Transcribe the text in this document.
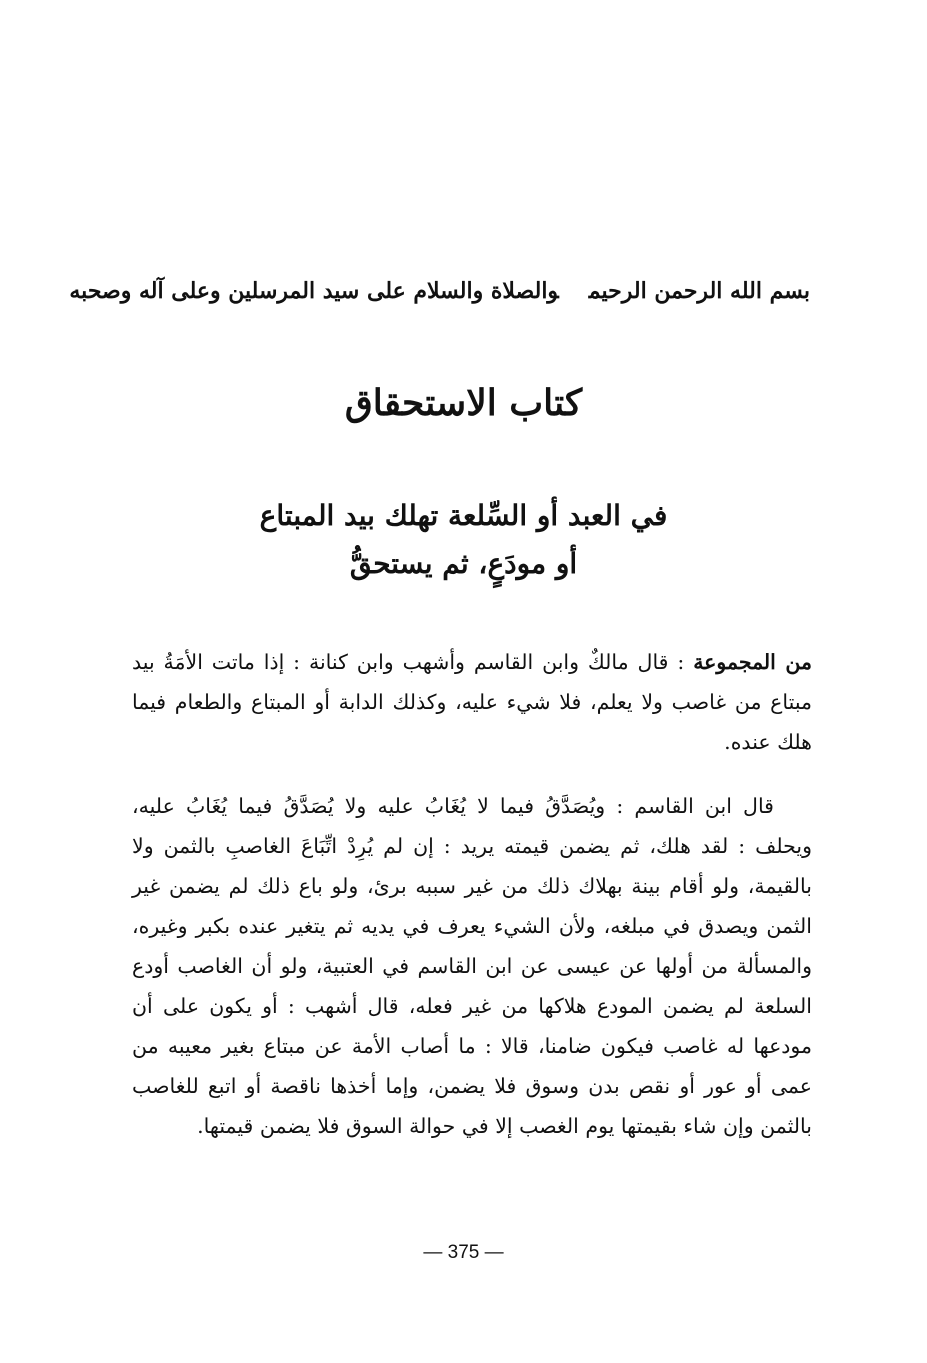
بسم الله الرحمن الرحيموالصلاة والسلام على سيد المرسلين وعلى آله وصحبه
كتاب الاستحقاق
في العبد أو السِّلعة تهلك بيد المبتاع
أو مودَعٍ، ثم يستحقُّ

من المجموعة : قال مالكٌ وابن القاسم وأشهب وابن كنانة : إذا ماتت الأمَةُ بيد مبتاع من غاصب ولا يعلم، فلا شيء عليه، وكذلك الدابة أو المبتاع والطعام فيما هلك عنده.

قال ابن القاسم : ويُصَدَّقُ فيما لا يُغَابُ عليه ولا يُصَدَّقُ فيما يُغَابُ عليه، ويحلف : لقد هلك، ثم يضمن قيمته يريد : إن لم يُرِدْ اتِّبَاعَ الغاصبِ بالثمن ولا بالقيمة، ولو أقام بينة بهلاك ذلك من غير سببه برئ، ولو باع ذلك لم يضمن غير الثمن ويصدق في مبلغه، ولأن الشيء يعرف في يديه ثم يتغير عنده بكبر وغيره، والمسألة من أولها عن عيسى عن ابن القاسم في العتبية، ولو أن الغاصب أودع السلعة لم يضمن المودع هلاكها من غير فعله، قال أشهب : أو يكون على أن مودعها له غاصب فيكون ضامنا، قالا : ما أصاب الأمة عن مبتاع بغير معيبه من عمى أو عور أو نقص بدن وسوق فلا يضمن، وإما أخذها ناقصة أو اتبع للغاصب بالثمن وإن شاء بقيمتها يوم الغصب إلا في حوالة السوق فلا يضمن قيمتها.

— 375 —
